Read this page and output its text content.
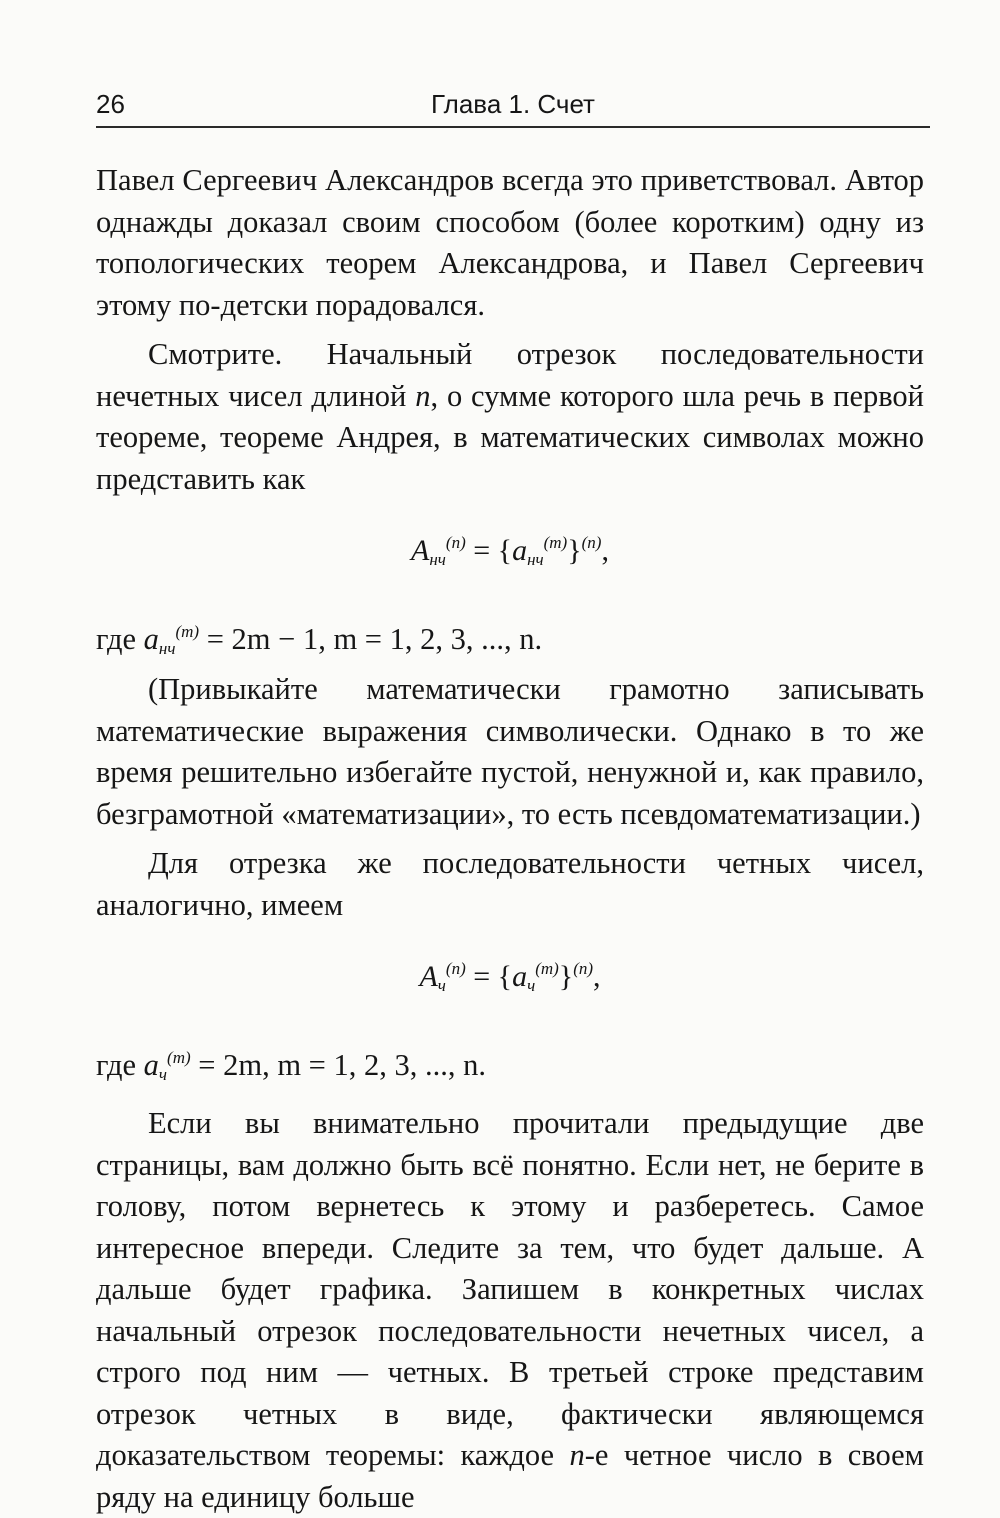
26	Глава 1. Счет

Павел Сергеевич Александров всегда это приветствовал. Автор однажды доказал своим способом (более коротким) одну из топологических теорем Александрова, и Павел Сергеевич этому по-детски порадовался.

Смотрите. Начальный отрезок последовательности нечетных чисел длиной n, о сумме которого шла речь в первой теореме, теореме Андрея, в математических символах можно представить как

$A_{нч}^{(n)} = \{a_{нч}^{(m)}\}^{(n)}$,

где $a_{нч}^{(m)} = 2m - 1$, m = 1, 2, 3, ..., n.

(Привыкайте математически грамотно записывать математические выражения символически. Однако в то же время решительно избегайте пустой, ненужной и, как правило, безграмотной «математизации», то есть псевдоматематизации.)

Для отрезка же последовательности четных чисел, аналогично, имеем

$A_ч^{(n)} = \{a_ч^{(m)}\}^{(n)}$,

где $a_ч^{(m)} = 2m$, m = 1, 2, 3, ..., n.

Если вы внимательно прочитали предыдущие две страницы, вам должно быть всё понятно. Если нет, не берите в голову, потом вернетесь к этому и разберетесь. Самое интересное впереди. Следите за тем, что будет дальше. А дальше будет графика. Запишем в конкретных числах начальный отрезок последовательности нечетных чисел, а строго под ним — четных. В третьей строке представим отрезок четных в виде, фактически являющемся доказательством теоремы: каждое n-е четное число в своем ряду на единицу больше
